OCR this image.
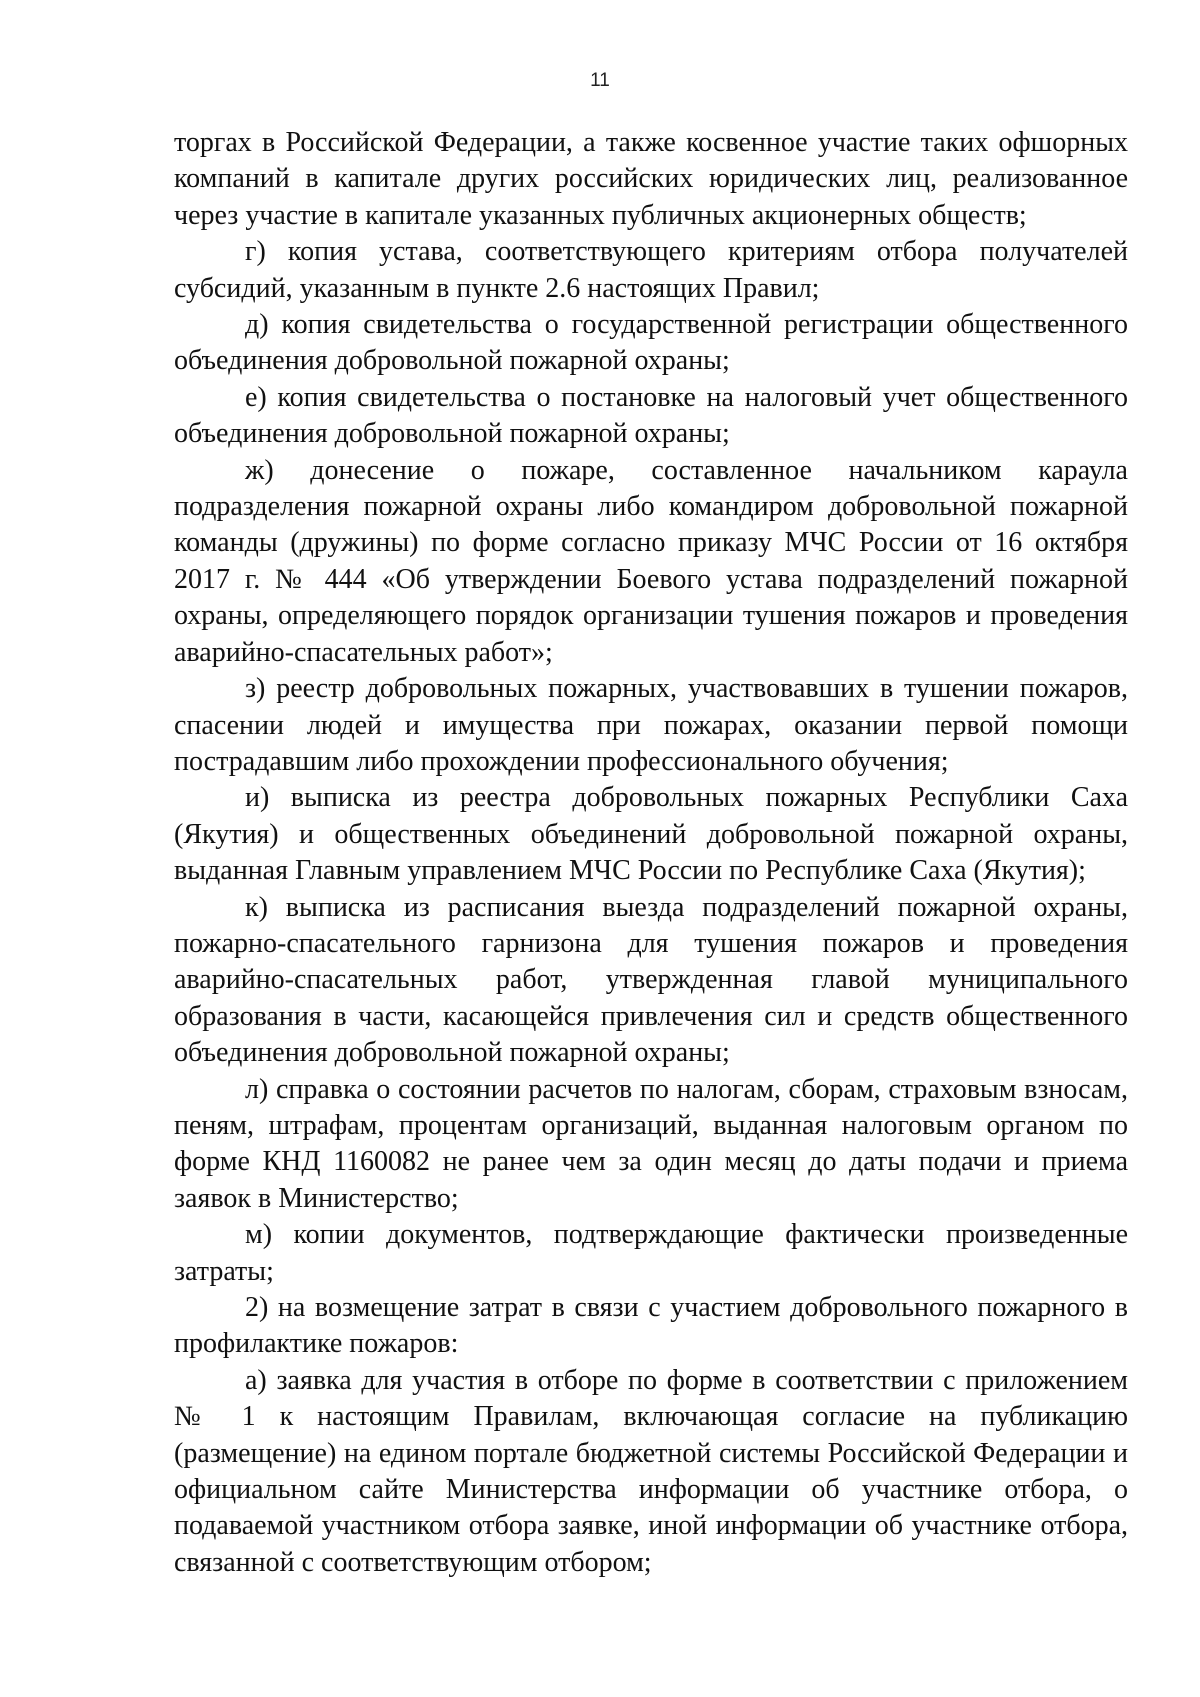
11

торгах в Российской Федерации, а также косвенное участие таких офшорных компаний в капитале других российских юридических лиц, реализованное через участие в капитале указанных публичных акционерных обществ;

г) копия устава, соответствующего критериям отбора получателей субсидий, указанным в пункте 2.6 настоящих Правил;

д) копия свидетельства о государственной регистрации общественного объединения добровольной пожарной охраны;

е) копия свидетельства о постановке на налоговый учет общественного объединения добровольной пожарной охраны;

ж) донесение о пожаре, составленное начальником караула подразделения пожарной охраны либо командиром добровольной пожарной команды (дружины) по форме согласно приказу МЧС России от 16 октября 2017 г. № 444 «Об утверждении Боевого устава подразделений пожарной охраны, определяющего порядок организации тушения пожаров и проведения аварийно-спасательных работ»;

з) реестр добровольных пожарных, участвовавших в тушении пожаров, спасении людей и имущества при пожарах, оказании первой помощи пострадавшим либо прохождении профессионального обучения;

и) выписка из реестра добровольных пожарных Республики Саха (Якутия) и общественных объединений добровольной пожарной охраны, выданная Главным управлением МЧС России по Республике Саха (Якутия);

к) выписка из расписания выезда подразделений пожарной охраны, пожарно-спасательного гарнизона для тушения пожаров и проведения аварийно-спасательных работ, утвержденная главой муниципального образования в части, касающейся привлечения сил и средств общественного объединения добровольной пожарной охраны;

л) справка о состоянии расчетов по налогам, сборам, страховым взносам, пеням, штрафам, процентам организаций, выданная налоговым органом по форме КНД 1160082 не ранее чем за один месяц до даты подачи и приема заявок в Министерство;

м) копии документов, подтверждающие фактически произведенные затраты;

2) на возмещение затрат в связи с участием добровольного пожарного в профилактике пожаров:

а) заявка для участия в отборе по форме в соответствии с приложением № 1 к настоящим Правилам, включающая согласие на публикацию (размещение) на едином портале бюджетной системы Российской Федерации и официальном сайте Министерства информации об участнике отбора, о подаваемой участником отбора заявке, иной информации об участнике отбора, связанной с соответствующим отбором;
